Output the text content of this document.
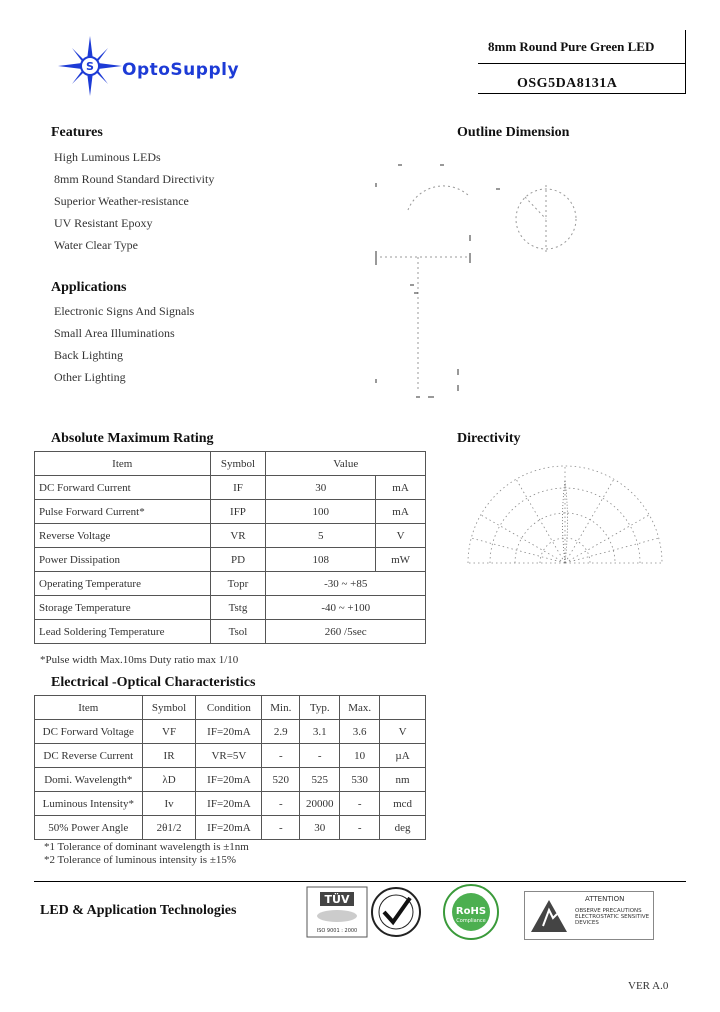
S OptoSupply
8mm Round Pure Green LED
OSG5DA8131A
Features
High Luminous LEDs
8mm Round Standard Directivity
Superior Weather-resistance
UV Resistant Epoxy
Water Clear Type
Applications
Electronic Signs And Signals
Small Area Illuminations
Back Lighting
Other Lighting
Outline Dimension
Directivity
Absolute Maximum Rating
Item	Symbol	Value	
DC Forward Current	IF	30	mA
Pulse Forward Current*	IFP	100	mA
Reverse Voltage	VR	5	V
Power Dissipation	PD	108	mW
Operating Temperature	Topr	-30 ~ +85	
Storage Temperature	Tstg	-40 ~ +100	
Lead Soldering Temperature	Tsol	260 /5sec	
*Pulse width Max.10ms Duty ratio max 1/10
Electrical -Optical Characteristics
Item	Symbol	Condition	Min.	Typ.	Max.	
DC Forward Voltage	VF	IF=20mA	2.9	3.1	3.6	V
DC Reverse Current	IR	VR=5V	-	-	10	µA
Domi. Wavelength*	λD	IF=20mA	520	525	530	nm
Luminous Intensity*	Iv	IF=20mA	-	20000	-	mcd
50% Power Angle	2θ1/2	IF=20mA	-	30	-	deg
*1 Tolerance of dominant wavelength is ±1nm
*2 Tolerance of luminous intensity is ±15%
LED & Application Technologies
TÜV
ISO 9001 : 2000
RoHS
Compliance
ATTENTION
OBSERVE PRECAUTIONS ELECTROSTATIC SENSITIVE DEVICES
VER A.0
